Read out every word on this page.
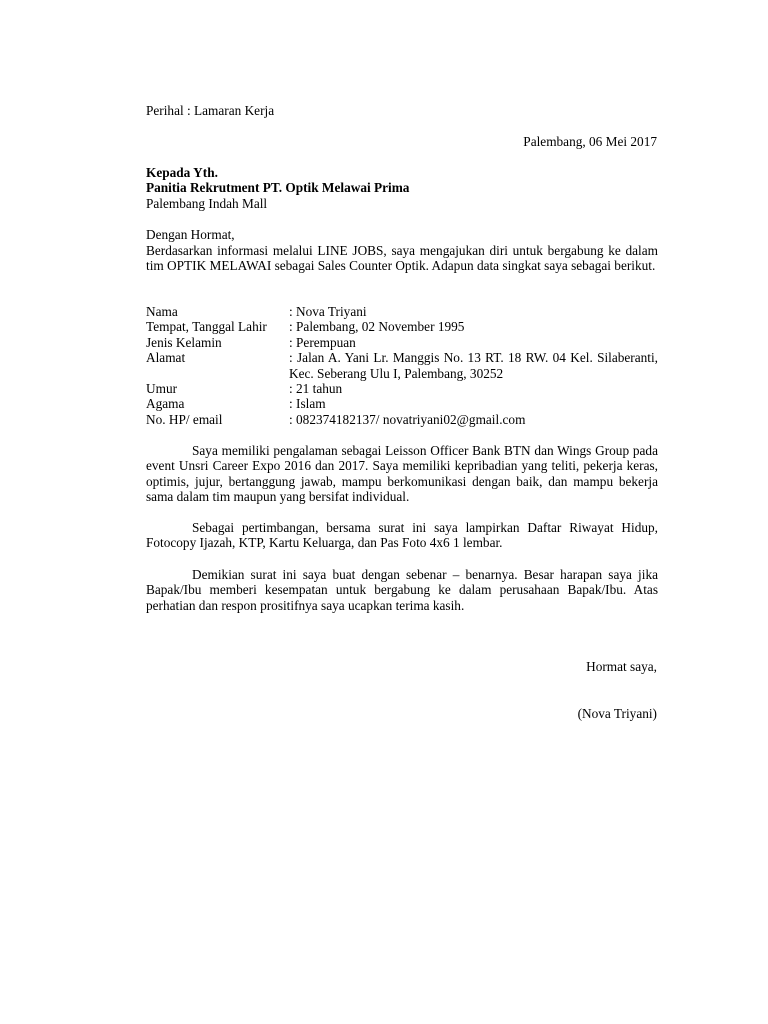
Perihal : Lamaran Kerja
Palembang, 06 Mei 2017
Kepada Yth.
Panitia Rekrutment PT. Optik Melawai Prima
Palembang Indah Mall
Dengan Hormat,
Berdasarkan informasi melalui LINE JOBS, saya mengajukan diri untuk bergabung ke dalam tim OPTIK MELAWAI sebagai Sales Counter Optik. Adapun data singkat saya sebagai berikut.
Nama	: Nova Triyani
Tempat, Tanggal Lahir	: Palembang, 02 November 1995
Jenis Kelamin	: Perempuan
Alamat	: Jalan A. Yani Lr. Manggis No. 13 RT. 18 RW. 04 Kel. Silaberanti, Kec. Seberang Ulu I, Palembang, 30252
Umur	: 21 tahun
Agama	: Islam
No. HP/ email	: 082374182137/ novatriyani02@gmail.com
Saya memiliki pengalaman sebagai Leisson Officer Bank BTN dan Wings Group pada event Unsri Career Expo 2016 dan 2017. Saya memiliki kepribadian yang teliti, pekerja keras, optimis, jujur, bertanggung jawab, mampu berkomunikasi dengan baik, dan mampu bekerja sama dalam tim maupun yang bersifat individual.
Sebagai pertimbangan, bersama surat ini saya lampirkan Daftar Riwayat Hidup, Fotocopy Ijazah, KTP, Kartu Keluarga, dan Pas Foto 4x6 1 lembar.
Demikian surat ini saya buat dengan sebenar – benarnya. Besar harapan saya jika Bapak/Ibu memberi kesempatan untuk bergabung ke dalam perusahaan Bapak/Ibu. Atas perhatian dan respon prositifnya saya ucapkan terima kasih.
Hormat saya,
(Nova Triyani)
